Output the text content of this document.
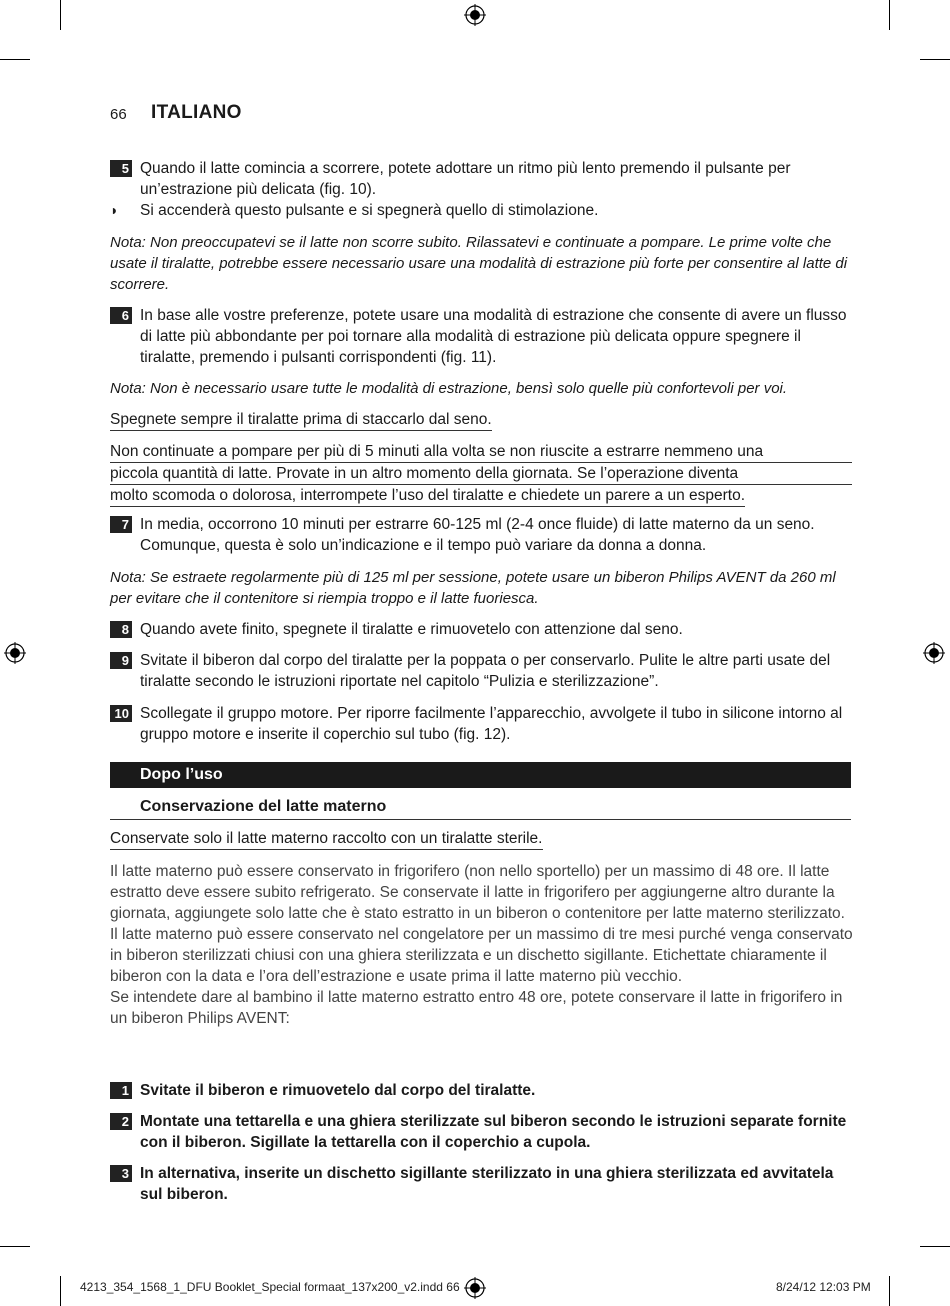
66 ITALIANO
5 Quando il latte comincia a scorrere, potete adottare un ritmo più lento premendo il pulsante per un’estrazione più delicata (fig. 10).
◗ Si accenderà questo pulsante e si spegnerà quello di stimolazione.
Nota: Non preoccupatevi se il latte non scorre subito. Rilassatevi e continuate a pompare. Le prime volte che usate il tiralatte, potrebbe essere necessario usare una modalità di estrazione più forte per consentire al latte di scorrere.
6 In base alle vostre preferenze, potete usare una modalità di estrazione che consente di avere un flusso di latte più abbondante per poi tornare alla modalità di estrazione più delicata oppure spegnere il tiralatte, premendo i pulsanti corrispondenti (fig. 11).
Nota: Non è necessario usare tutte le modalità di estrazione, bensì solo quelle più confortevoli per voi.
Spegnete sempre il tiralatte prima di staccarlo dal seno.
Non continuate a pompare per più di 5 minuti alla volta se non riuscite a estrarre nemmeno una
piccola quantità di latte. Provate in un altro momento della giornata. Se l’operazione diventa
molto scomoda o dolorosa, interrompete l’uso del tiralatte e chiedete un parere a un esperto.
7 In media, occorrono 10 minuti per estrarre 60-125 ml (2-4 once fluide) di latte materno da un seno. Comunque, questa è solo un’indicazione e il tempo può variare da donna a donna.
Nota: Se estraete regolarmente più di 125 ml per sessione, potete usare un biberon Philips AVENT da 260 ml per evitare che il contenitore si riempia troppo e il latte fuoriesca.
8 Quando avete finito, spegnete il tiralatte e rimuovetelo con attenzione dal seno.
9 Svitate il biberon dal corpo del tiralatte per la poppata o per conservarlo. Pulite le altre parti usate del tiralatte secondo le istruzioni riportate nel capitolo “Pulizia e sterilizzazione”.
10 Scollegate il gruppo motore. Per riporre facilmente l’apparecchio, avvolgete il tubo in silicone intorno al gruppo motore e inserite il coperchio sul tubo (fig. 12).
Dopo l’uso
Conservazione del latte materno
Conservate solo il latte materno raccolto con un tiralatte sterile.
Il latte materno può essere conservato in frigorifero (non nello sportello) per un massimo di 48 ore. Il latte estratto deve essere subito refrigerato. Se conservate il latte in frigorifero per aggiungerne altro durante la giornata, aggiungete solo latte che è stato estratto in un biberon o contenitore per latte materno sterilizzato.
Il latte materno può essere conservato nel congelatore per un massimo di tre mesi purché venga conservato in biberon sterilizzati chiusi con una ghiera sterilizzata e un dischetto sigillante. Etichettate chiaramente il biberon con la data e l’ora dell’estrazione e usate prima il latte materno più vecchio.
Se intendete dare al bambino il latte materno estratto entro 48 ore, potete conservare il latte in frigorifero in un biberon Philips AVENT:
1 Svitate il biberon e rimuovetelo dal corpo del tiralatte.
2 Montate una tettarella e una ghiera sterilizzate sul biberon secondo le istruzioni separate fornite con il biberon. Sigillate la tettarella con il coperchio a cupola.
3 In alternativa, inserite un dischetto sigillante sterilizzato in una ghiera sterilizzata ed avvitatela sul biberon.
4213_354_1568_1_DFU Booklet_Special formaat_137x200_v2.indd 66	8/24/12 12:03 PM
